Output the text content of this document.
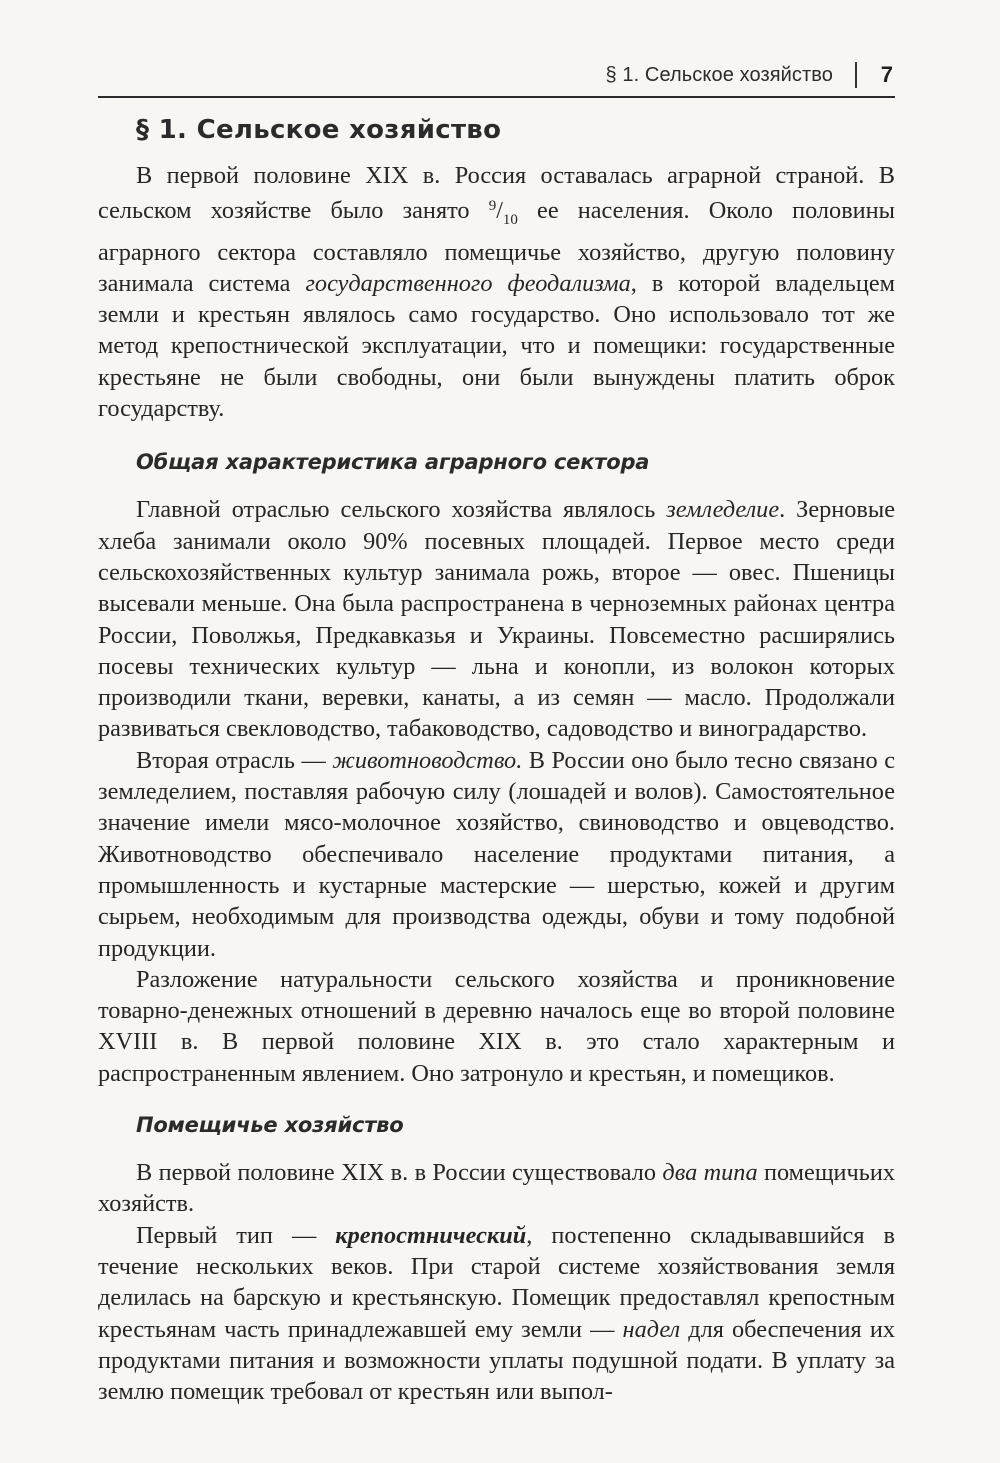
§ 1. Сельское хозяйство 7
§ 1. Сельское хозяйство

В первой половине XIX в. Россия оставалась аграрной страной. В сельском хозяйстве было занято 9/10 ее населения. Около половины аграрного сектора составляло помещичье хозяйство, другую половину занимала система государственного феодализма, в которой владельцем земли и крестьян являлось само государство. Оно использовало тот же метод крепостнической эксплуатации, что и помещики: государственные крестьяне не были свободны, они были вынуждены платить оброк государству.

Общая характеристика аграрного сектора

Главной отраслью сельского хозяйства являлось земледелие. Зерновые хлеба занимали около 90% посевных площадей. Первое место среди сельскохозяйственных культур занимала рожь, второе — овес. Пшеницы высевали меньше. Она была распространена в черноземных районах центра России, Поволжья, Предкавказья и Украины. Повсеместно расширялись посевы технических культур — льна и конопли, из волокон которых производили ткани, веревки, канаты, а из семян — масло. Продолжали развиваться свекловодство, табаководство, садоводство и виноградарство.

Вторая отрасль — животноводство. В России оно было тесно связано с земледелием, поставляя рабочую силу (лошадей и волов). Самостоятельное значение имели мясо-молочное хозяйство, свиноводство и овцеводство. Животноводство обеспечивало население продуктами питания, а промышленность и кустарные мастерские — шерстью, кожей и другим сырьем, необходимым для производства одежды, обуви и тому подобной продукции.

Разложение натуральности сельского хозяйства и проникновение товарно-денежных отношений в деревню началось еще во второй половине XVIII в. В первой половине XIX в. это стало характерным и распространенным явлением. Оно затронуло и крестьян, и помещиков.

Помещичье хозяйство

В первой половине XIX в. в России существовало два типа помещичьих хозяйств.

Первый тип — крепостнический, постепенно складывавшийся в течение нескольких веков. При старой системе хозяйствования земля делилась на барскую и крестьянскую. Помещик предоставлял крепостным крестьянам часть принадлежавшей ему земли — надел для обеспечения их продуктами питания и возможности уплаты подушной подати. В уплату за землю помещик требовал от крестьян или выпол-
